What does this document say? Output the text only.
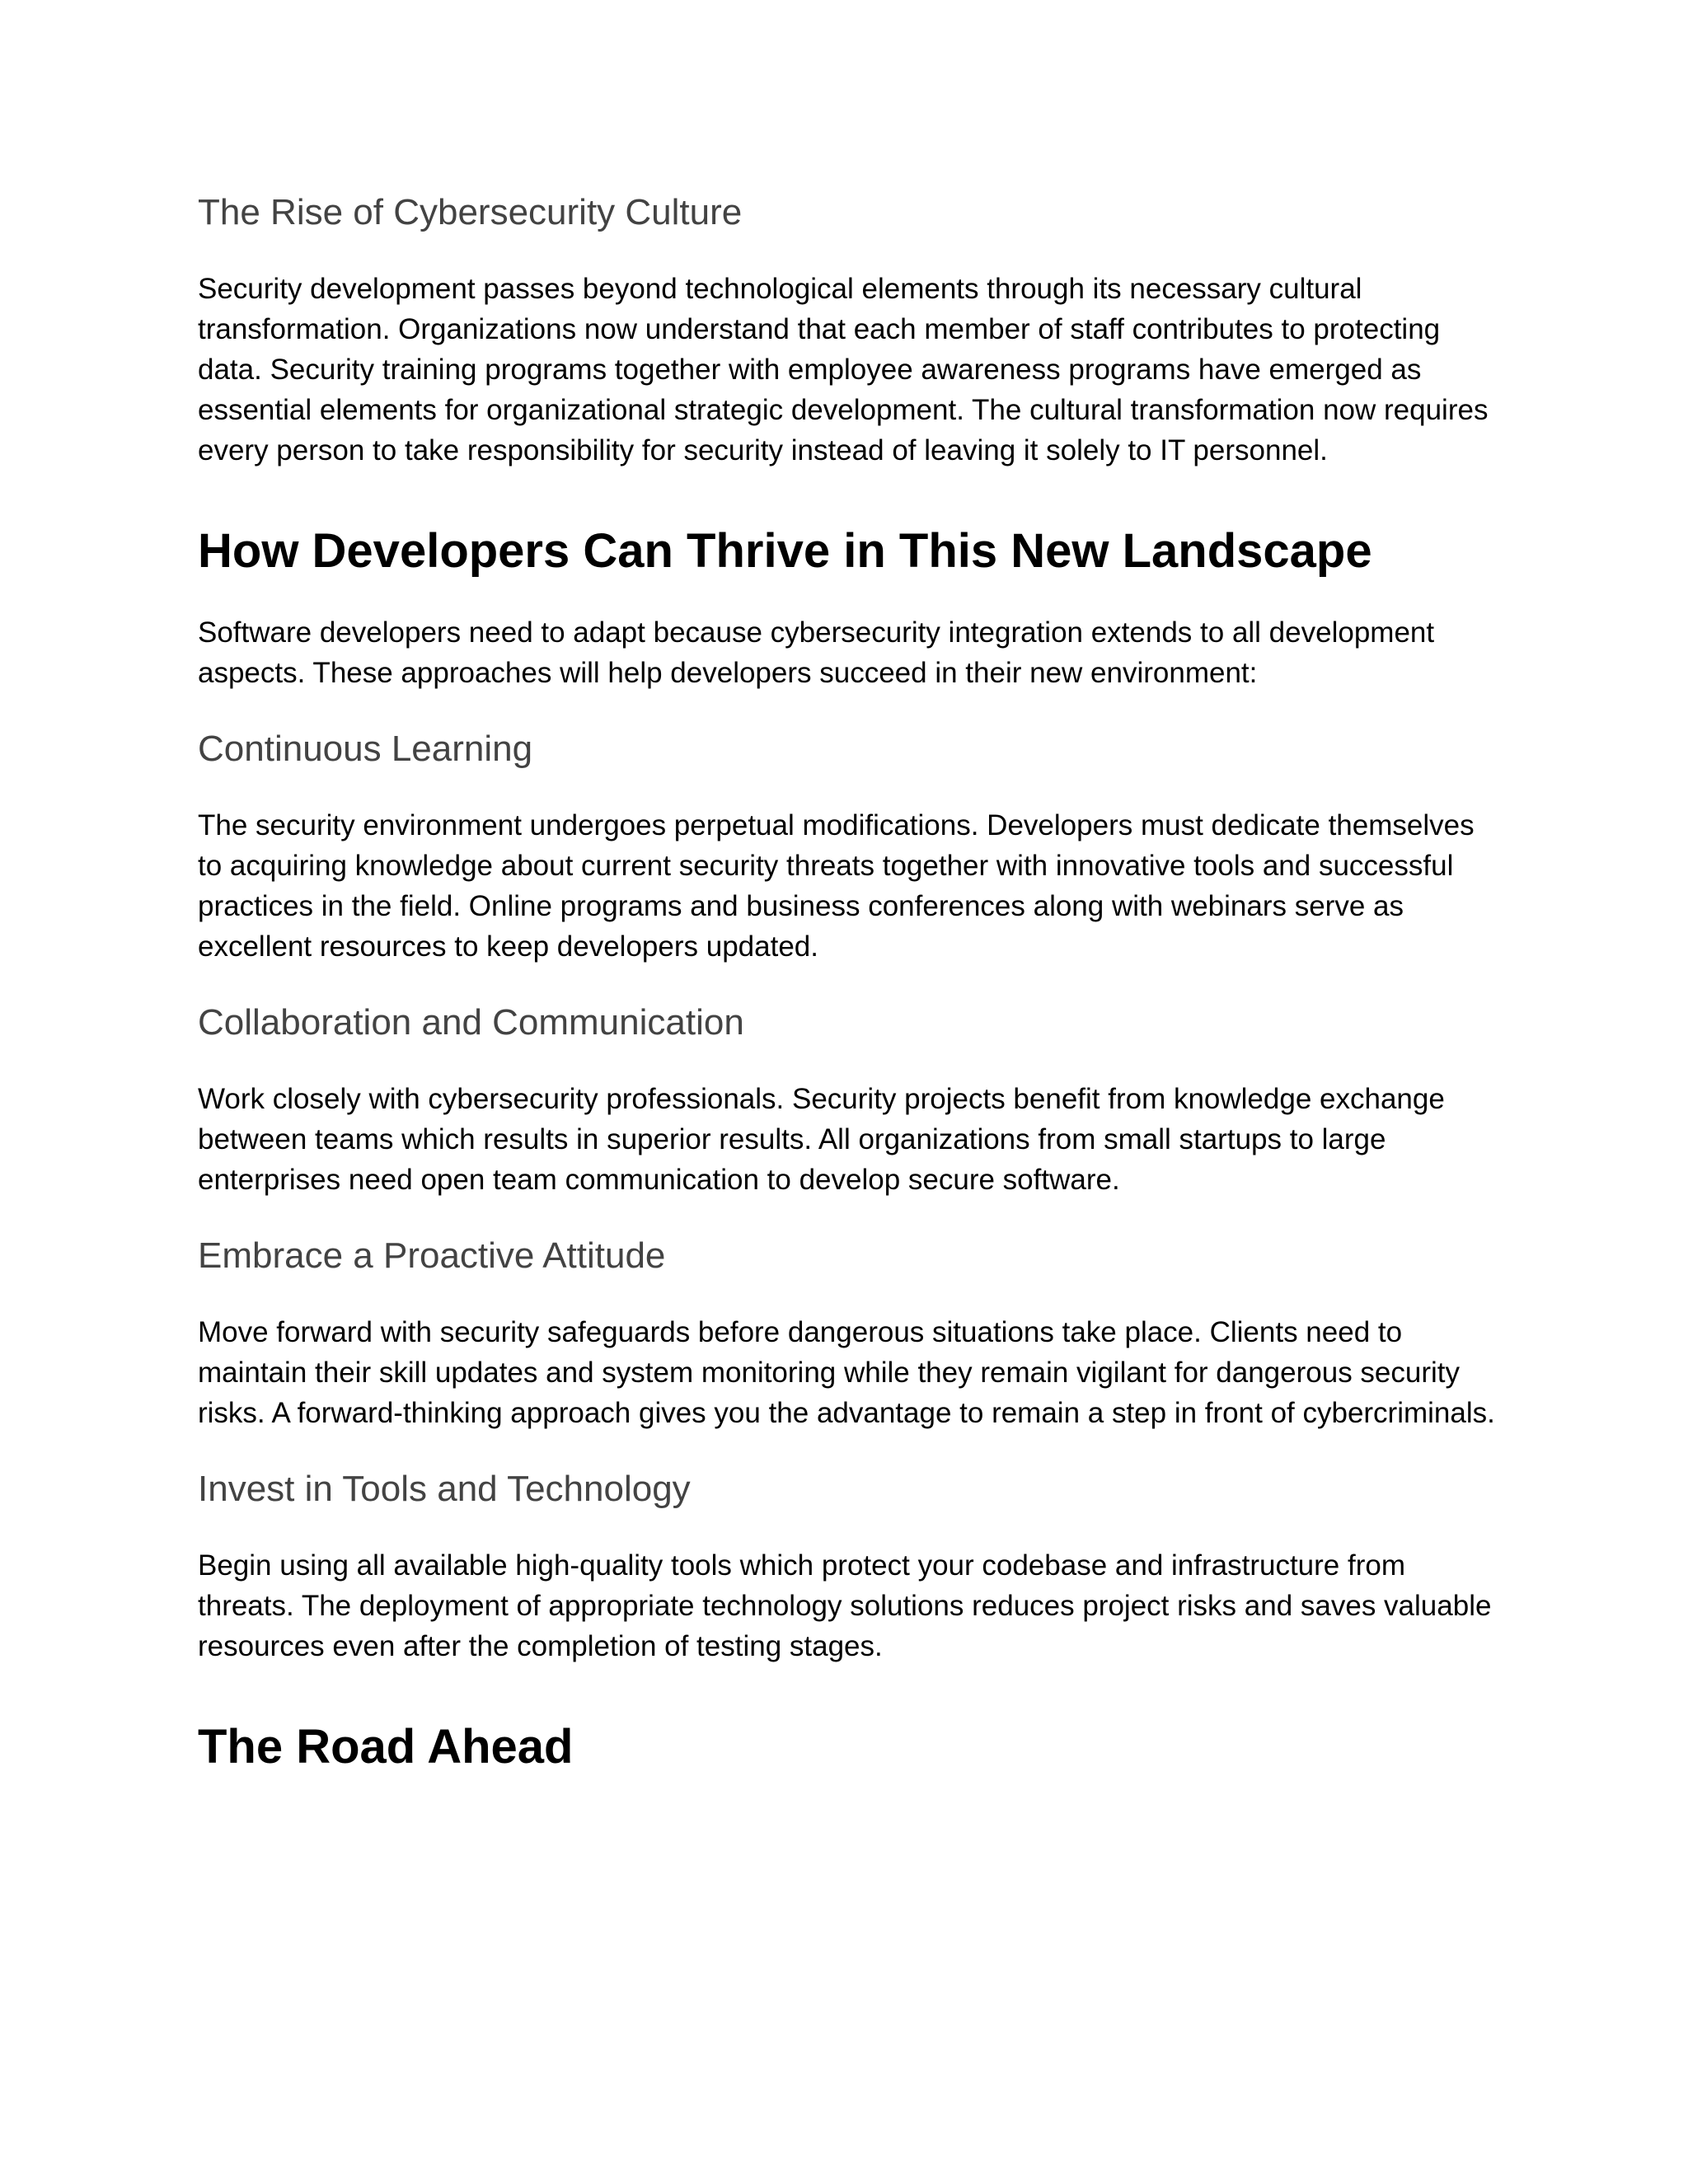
The Rise of Cybersecurity Culture

Security development passes beyond technological elements through its necessary cultural transformation. Organizations now understand that each member of staff contributes to protecting data. Security training programs together with employee awareness programs have emerged as essential elements for organizational strategic development. The cultural transformation now requires every person to take responsibility for security instead of leaving it solely to IT personnel.

How Developers Can Thrive in This New Landscape

Software developers need to adapt because cybersecurity integration extends to all development aspects. These approaches will help developers succeed in their new environment:

Continuous Learning

The security environment undergoes perpetual modifications. Developers must dedicate themselves to acquiring knowledge about current security threats together with innovative tools and successful practices in the field. Online programs and business conferences along with webinars serve as excellent resources to keep developers updated.

Collaboration and Communication

Work closely with cybersecurity professionals. Security projects benefit from knowledge exchange between teams which results in superior results. All organizations from small startups to large enterprises need open team communication to develop secure software.

Embrace a Proactive Attitude

Move forward with security safeguards before dangerous situations take place. Clients need to maintain their skill updates and system monitoring while they remain vigilant for dangerous security risks. A forward-thinking approach gives you the advantage to remain a step in front of cybercriminals.

Invest in Tools and Technology

Begin using all available high-quality tools which protect your codebase and infrastructure from threats. The deployment of appropriate technology solutions reduces project risks and saves valuable resources even after the completion of testing stages.

The Road Ahead
